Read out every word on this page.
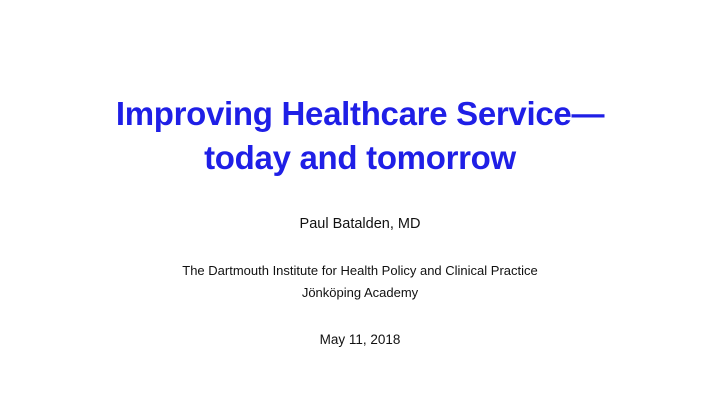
Improving Healthcare Service—
today and tomorrow
Paul Batalden, MD
The Dartmouth Institute for Health Policy and Clinical Practice
Jönköping Academy
May 11, 2018
